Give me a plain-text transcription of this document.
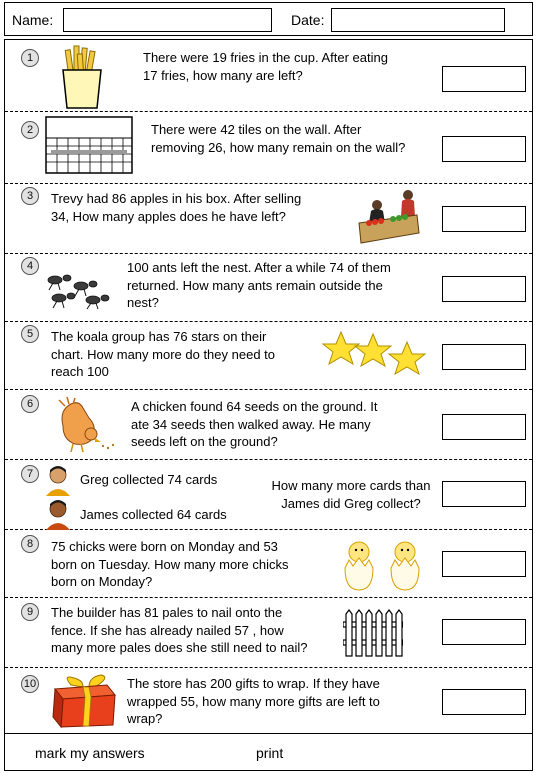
Name:	Date:
1	There were 19 fries in the cup. After eating
17 fries, how many are left?
2	There were 42 tiles on the wall. After
removing 26, how many remain on the wall?
3	Trevy had 86 apples in his box. After selling
34, How many apples does he have left?
4	100 ants left the nest. After a while 74 of them
returned. How many ants remain outside the
nest?
5	The koala group has 76 stars on their
chart. How many more do they need to
reach 100
6	A chicken found 64 seeds on the ground. It
ate 34 seeds then walked away. He many
seeds left on the ground?
7	Greg collected 74 cards
James collected 64 cards
How many more cards than
James did Greg collect?
8	75 chicks were born on Monday and 53
born on Tuesday. How many more chicks
born on Monday?
9	The builder has 81 pales to nail onto the
fence. If she has already nailed 57 , how
many more pales does she still need to nail?
10	The store has 200 gifts to wrap. If they have
wrapped 55, how many more gifts are left to
wrap?
mark my answers	print
